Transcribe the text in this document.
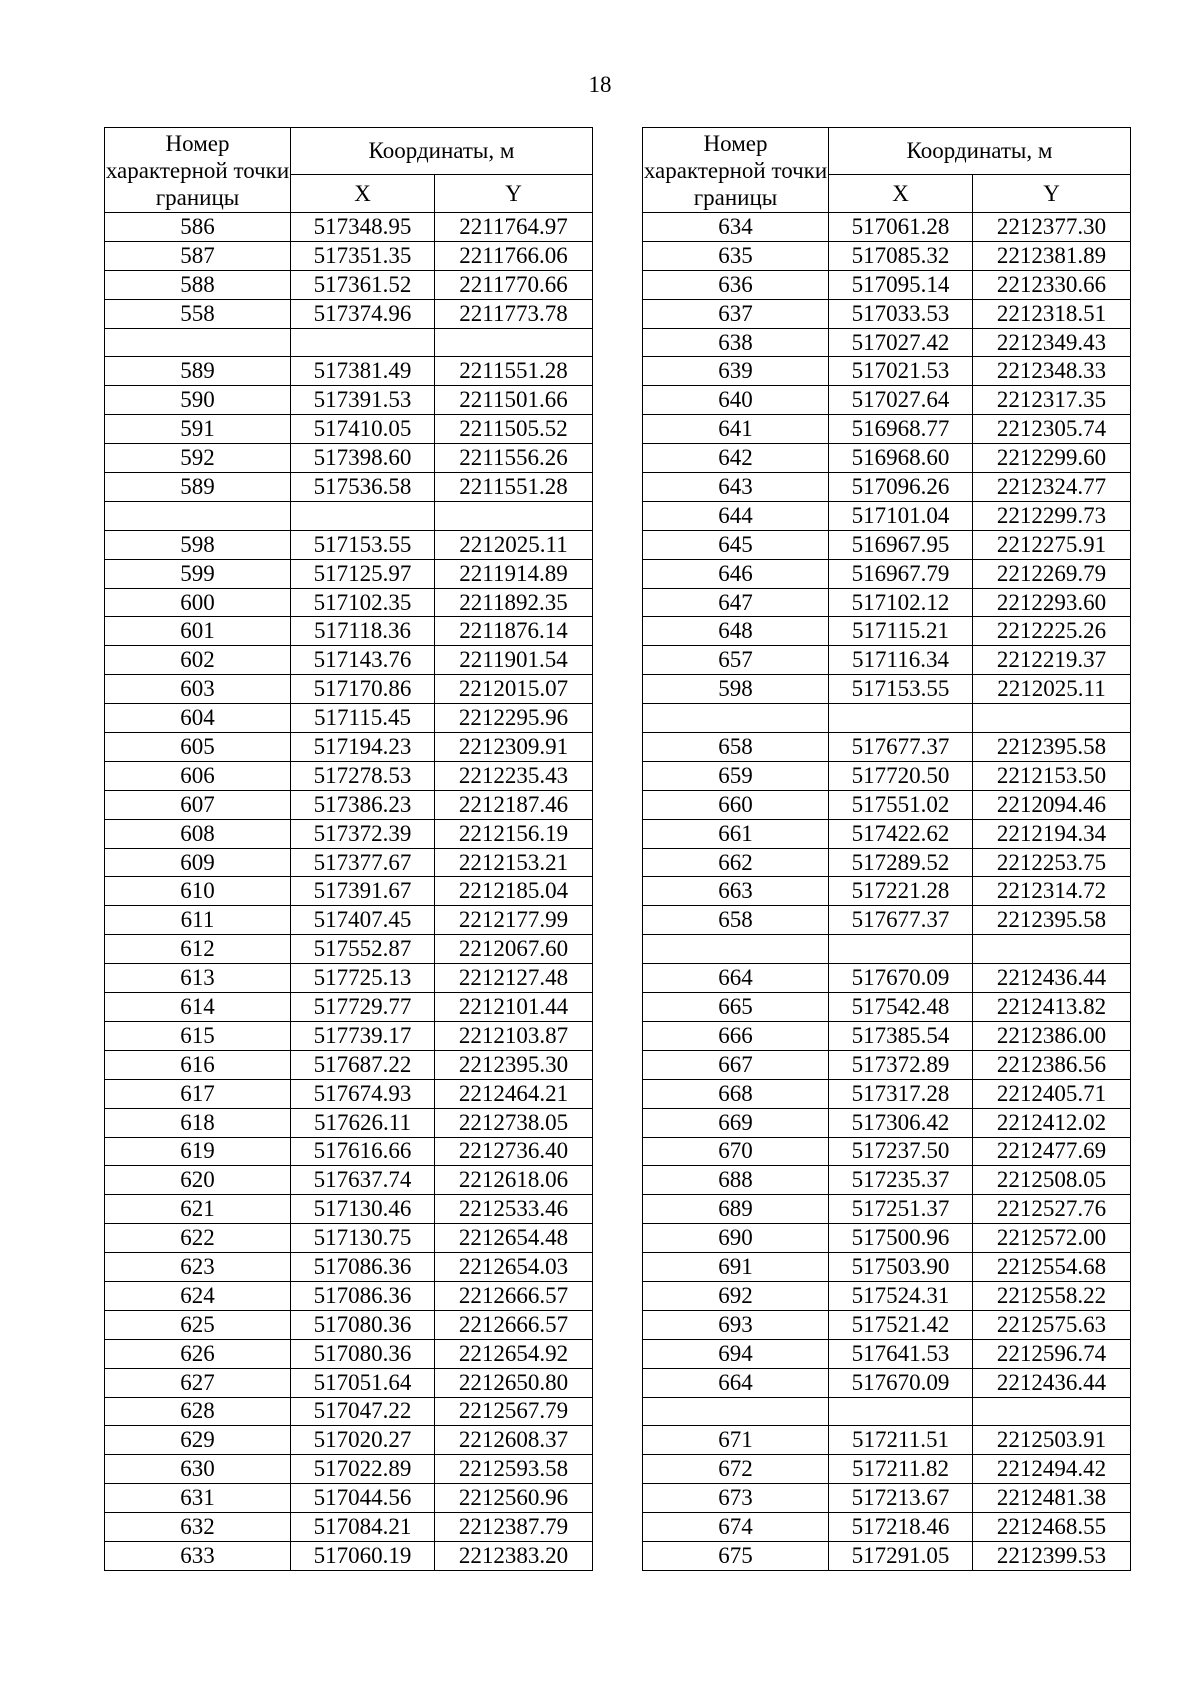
18
Номер характерной точки границы	Координаты, м	
	X	Y
586	517348.95	2211764.97
587	517351.35	2211766.06
588	517361.52	2211770.66
558	517374.96	2211773.78

589	517381.49	2211551.28
590	517391.53	2211501.66
591	517410.05	2211505.52
592	517398.60	2211556.26
589	517536.58	2211551.28

598	517153.55	2212025.11
599	517125.97	2211914.89
600	517102.35	2211892.35
601	517118.36	2211876.14
602	517143.76	2211901.54
603	517170.86	2212015.07
604	517115.45	2212295.96
605	517194.23	2212309.91
606	517278.53	2212235.43
607	517386.23	2212187.46
608	517372.39	2212156.19
609	517377.67	2212153.21
610	517391.67	2212185.04
611	517407.45	2212177.99
612	517552.87	2212067.60
613	517725.13	2212127.48
614	517729.77	2212101.44
615	517739.17	2212103.87
616	517687.22	2212395.30
617	517674.93	2212464.21
618	517626.11	2212738.05
619	517616.66	2212736.40
620	517637.74	2212618.06
621	517130.46	2212533.46
622	517130.75	2212654.48
623	517086.36	2212654.03
624	517086.36	2212666.57
625	517080.36	2212666.57
626	517080.36	2212654.92
627	517051.64	2212650.80
628	517047.22	2212567.79
629	517020.27	2212608.37
630	517022.89	2212593.58
631	517044.56	2212560.96
632	517084.21	2212387.79
633	517060.19	2212383.20
Номер характерной точки границы	Координаты, м	
	X	Y
634	517061.28	2212377.30
635	517085.32	2212381.89
636	517095.14	2212330.66
637	517033.53	2212318.51
638	517027.42	2212349.43
639	517021.53	2212348.33
640	517027.64	2212317.35
641	516968.77	2212305.74
642	516968.60	2212299.60
643	517096.26	2212324.77
644	517101.04	2212299.73
645	516967.95	2212275.91
646	516967.79	2212269.79
647	517102.12	2212293.60
648	517115.21	2212225.26
657	517116.34	2212219.37
598	517153.55	2212025.11

658	517677.37	2212395.58
659	517720.50	2212153.50
660	517551.02	2212094.46
661	517422.62	2212194.34
662	517289.52	2212253.75
663	517221.28	2212314.72
658	517677.37	2212395.58

664	517670.09	2212436.44
665	517542.48	2212413.82
666	517385.54	2212386.00
667	517372.89	2212386.56
668	517317.28	2212405.71
669	517306.42	2212412.02
670	517237.50	2212477.69
688	517235.37	2212508.05
689	517251.37	2212527.76
690	517500.96	2212572.00
691	517503.90	2212554.68
692	517524.31	2212558.22
693	517521.42	2212575.63
694	517641.53	2212596.74
664	517670.09	2212436.44

671	517211.51	2212503.91
672	517211.82	2212494.42
673	517213.67	2212481.38
674	517218.46	2212468.55
675	517291.05	2212399.53
